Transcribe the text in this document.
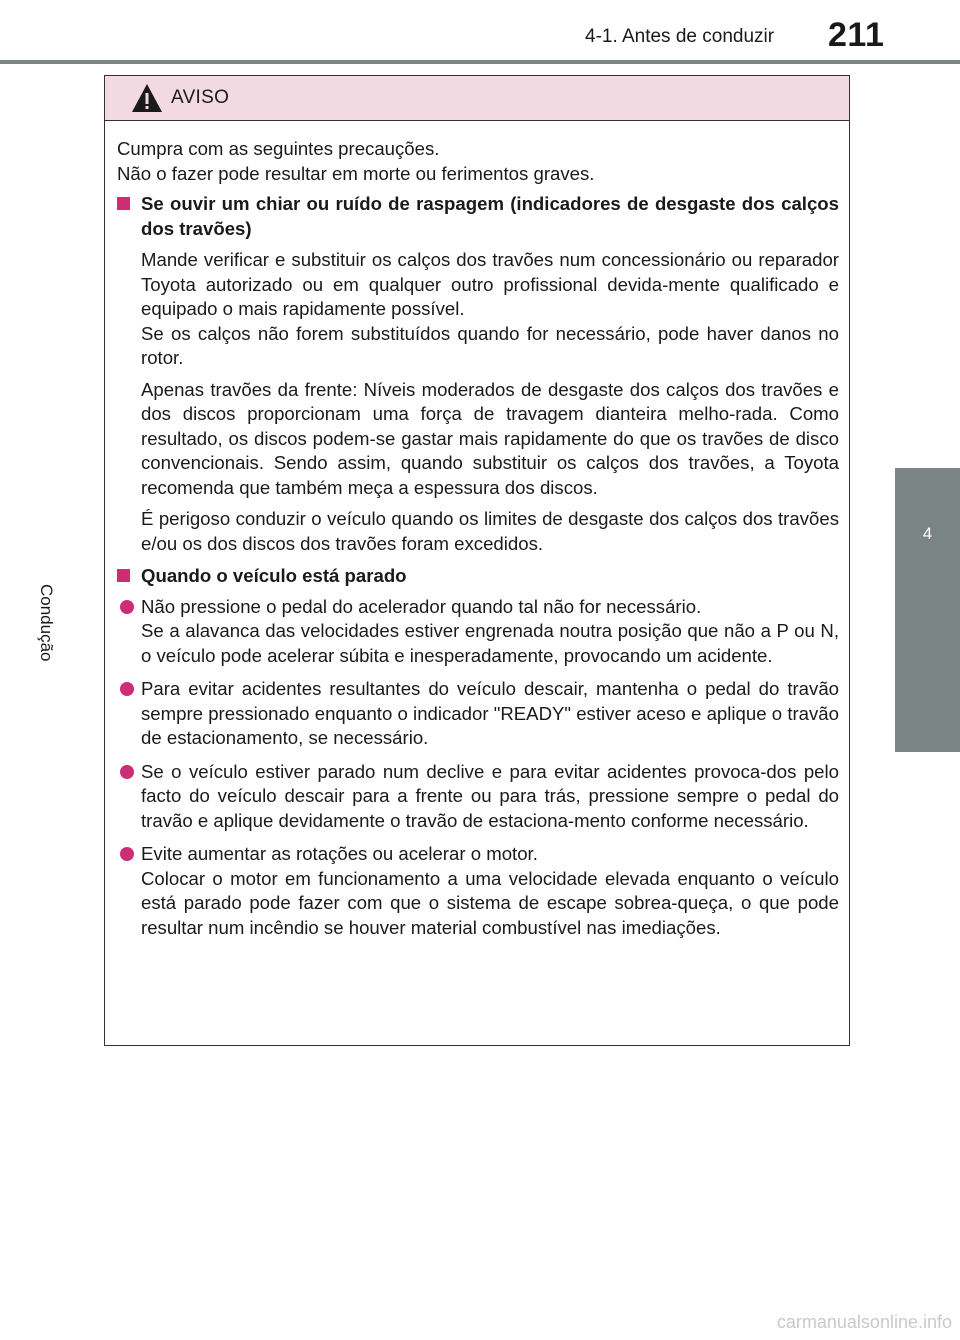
4-1. Antes de conduzir 211
4
Condução
AVISO

Cumpra com as seguintes precauções.

Não o fazer pode resultar em morte ou ferimentos graves.

Se ouvir um chiar ou ruído de raspagem (indicadores de desgaste dos calços dos travões)

Mande verificar e substituir os calços dos travões num concessionário ou reparador Toyota autorizado ou em qualquer outro profissional devida-mente qualificado e equipado o mais rapidamente possível.

Se os calços não forem substituídos quando for necessário, pode haver danos no rotor.

Apenas travões da frente: Níveis moderados de desgaste dos calços dos travões e dos discos proporcionam uma força de travagem dianteira melho-rada. Como resultado, os discos podem-se gastar mais rapidamente do que os travões de disco convencionais. Sendo assim, quando substituir os calços dos travões, a Toyota recomenda que também meça a espessura dos discos.

É perigoso conduzir o veículo quando os limites de desgaste dos calços dos travões e/ou os dos discos dos travões foram excedidos.

Quando o veículo está parado

Não pressione o pedal do acelerador quando tal não for necessário.

Se a alavanca das velocidades estiver engrenada noutra posição que não a P ou N, o veículo pode acelerar súbita e inesperadamente, provocando um acidente.

Para evitar acidentes resultantes do veículo descair, mantenha o pedal do travão sempre pressionado enquanto o indicador "READY" estiver aceso e aplique o travão de estacionamento, se necessário.

Se o veículo estiver parado num declive e para evitar acidentes provoca-dos pelo facto do veículo descair para a frente ou para trás, pressione sempre o pedal do travão e aplique devidamente o travão de estaciona-mento conforme necessário.

Evite aumentar as rotações ou acelerar o motor.

Colocar o motor em funcionamento a uma velocidade elevada enquanto o veículo está parado pode fazer com que o sistema de escape sobrea-queça, o que pode resultar num incêndio se houver material combustível nas imediações.

carmanualsonline.info
